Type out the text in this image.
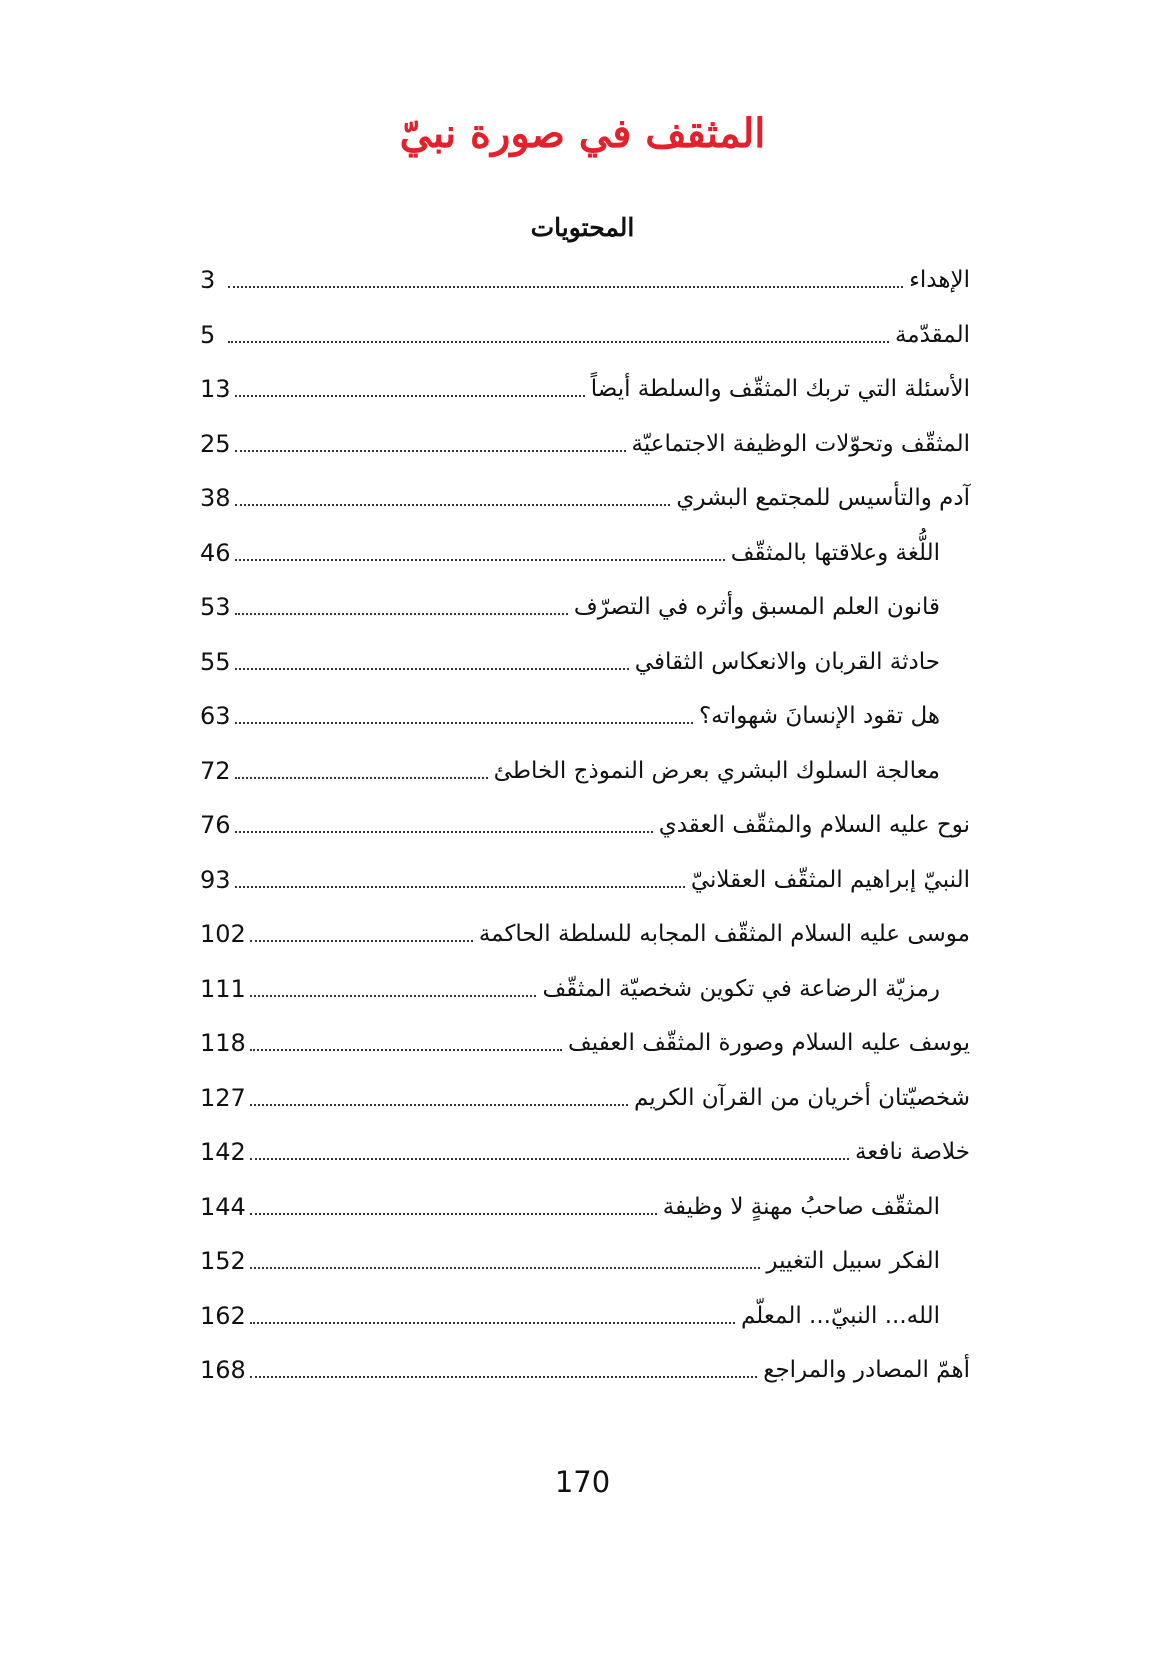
المثقف في صورة نبيّ
المحتويات
الإهداء
3
المقدّمة
5
الأسئلة التي تربك المثقّف والسلطة أيضاً
13
المثقّف وتحوّلات الوظيفة الاجتماعيّة
25
آدم والتأسيس للمجتمع البشري
38
اللُّغة وعلاقتها بالمثقّف
46
قانون العلم المسبق وأثره في التصرّف
53
حادثة القربان والانعكاس الثقافي
55
هل تقود الإنسانَ شهواته؟
63
معالجة السلوك البشري بعرض النموذج الخاطئ
72
نوح عليه السلام والمثقّف العقدي
76
النبيّ إبراهيم المثقّف العقلانيّ
93
موسى عليه السلام المثقّف المجابه للسلطة الحاكمة
102
رمزيّة الرضاعة في تكوين شخصيّة المثقّف
111
يوسف عليه السلام وصورة المثقّف العفيف
118
شخصيّتان أخريان من القرآن الكريم
127
خلاصة نافعة
142
المثقّف صاحبُ مهنةٍ لا وظيفة
144
الفكر سبيل التغيير
152
الله... النبيّ... المعلّم
162
أهمّ المصادر والمراجع
168
170
